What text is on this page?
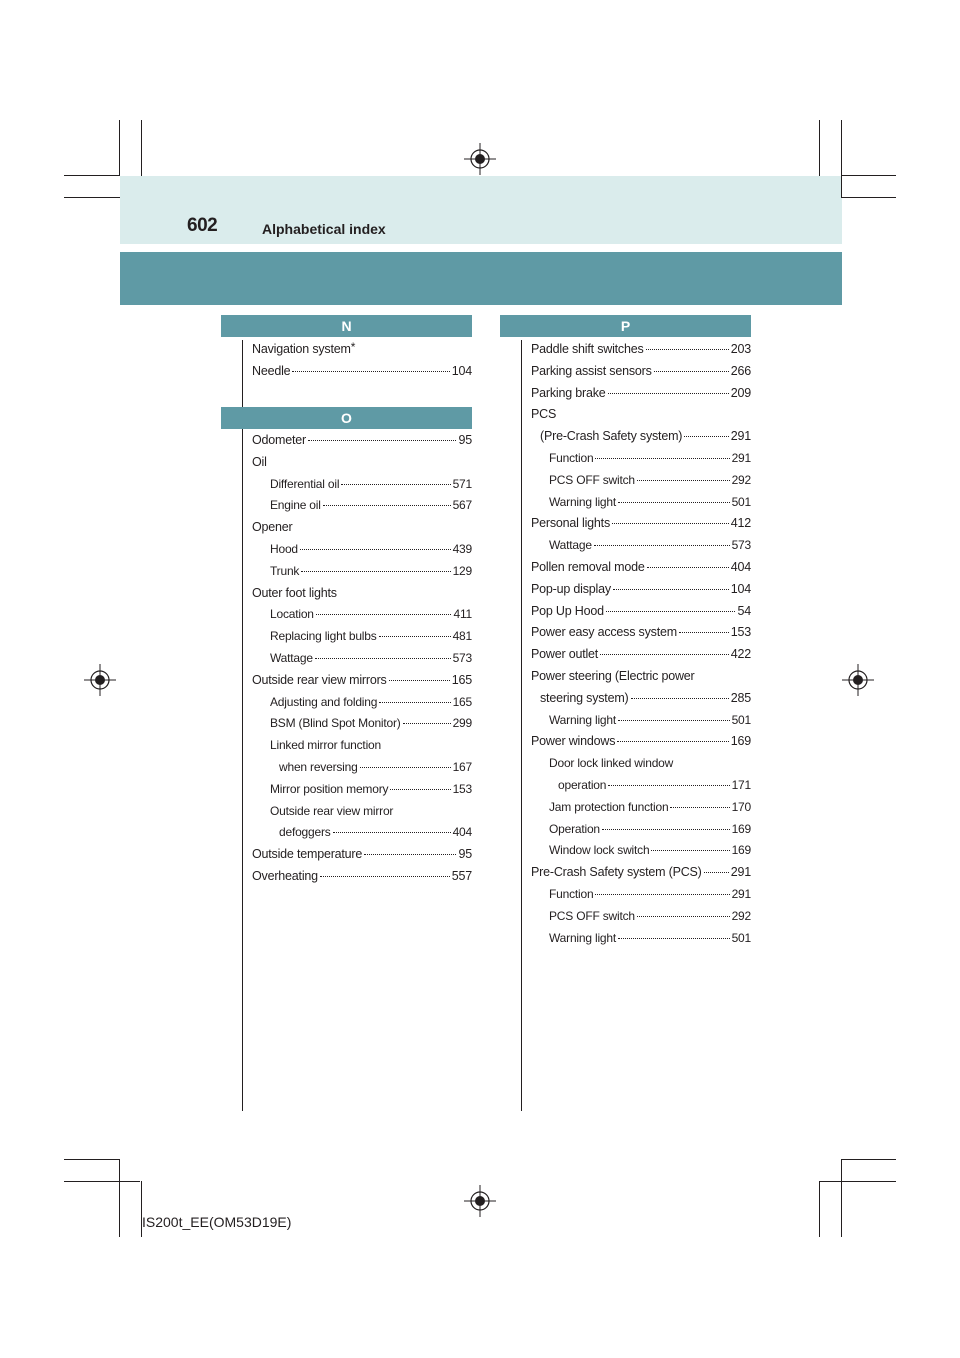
602	Alphabetical index
N
Navigation system*
Needle	104
O
Odometer	95
Oil
Differential oil	571
Engine oil	567
Opener
Hood	439
Trunk	129
Outer foot lights
Location	411
Replacing light bulbs	481
Wattage	573
Outside rear view mirrors	165
Adjusting and folding	165
BSM (Blind Spot Monitor)	299
Linked mirror function
when reversing	167
Mirror position memory	153
Outside rear view mirror
defoggers	404
Outside temperature	95
Overheating	557
P
Paddle shift switches	203
Parking assist sensors	266
Parking brake	209
PCS
(Pre-Crash Safety system)	291
Function	291
PCS OFF switch	292
Warning light	501
Personal lights	412
Wattage	573
Pollen removal mode	404
Pop-up display	104
Pop Up Hood	54
Power easy access system	153
Power outlet	422
Power steering (Electric power
steering system)	285
Warning light	501
Power windows	169
Door lock linked window
operation	171
Jam protection function	170
Operation	169
Window lock switch	169
Pre-Crash Safety system (PCS) 291
Function	291
PCS OFF switch	292
Warning light	501
IS200t_EE(OM53D19E)
